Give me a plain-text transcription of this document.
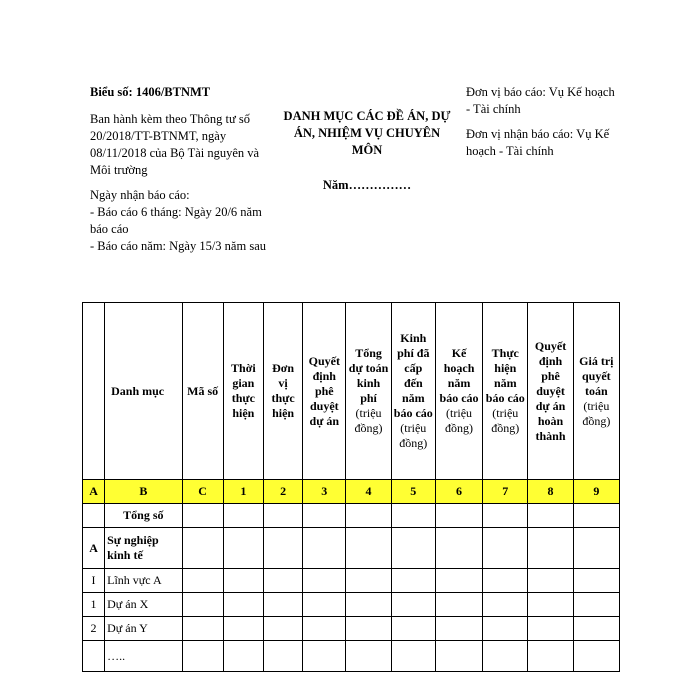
Biểu số: 1406/BTNMT
Ban hành kèm theo Thông tư số 20/2018/TT-BTNMT, ngày 08/11/2018 của Bộ Tài nguyên và Môi trường
Ngày nhận báo cáo:
- Báo cáo 6 tháng: Ngày 20/6 năm báo cáo
- Báo cáo năm: Ngày 15/3 năm sau
DANH MỤC CÁC ĐỀ ÁN, DỰ ÁN, NHIỆM VỤ CHUYÊN MÔN
Năm……………
Đơn vị báo cáo: Vụ Kế hoạch - Tài chính
Đơn vị nhận báo cáo: Vụ Kế hoạch - Tài chính
	Danh mục	Mã số	Thời gian thực hiện	Đơn vị thực hiện	Quyết định phê duyệt dự án	Tổng dự toán kinh phí (triệu đồng)	Kinh phí đã cấp đến năm báo cáo (triệu đồng)	Kế hoạch năm báo cáo (triệu đồng)	Thực hiện năm báo cáo (triệu đồng)	Quyết định phê duyệt dự án hoàn thành	Giá trị quyết toán (triệu đồng)
A	B	C	1	2	3	4	5	6	7	8	9
	Tổng số										
A	Sự nghiệp kinh tế										
I	Lĩnh vực A										
1	Dự án X										
2	Dự án Y										
	…..										
